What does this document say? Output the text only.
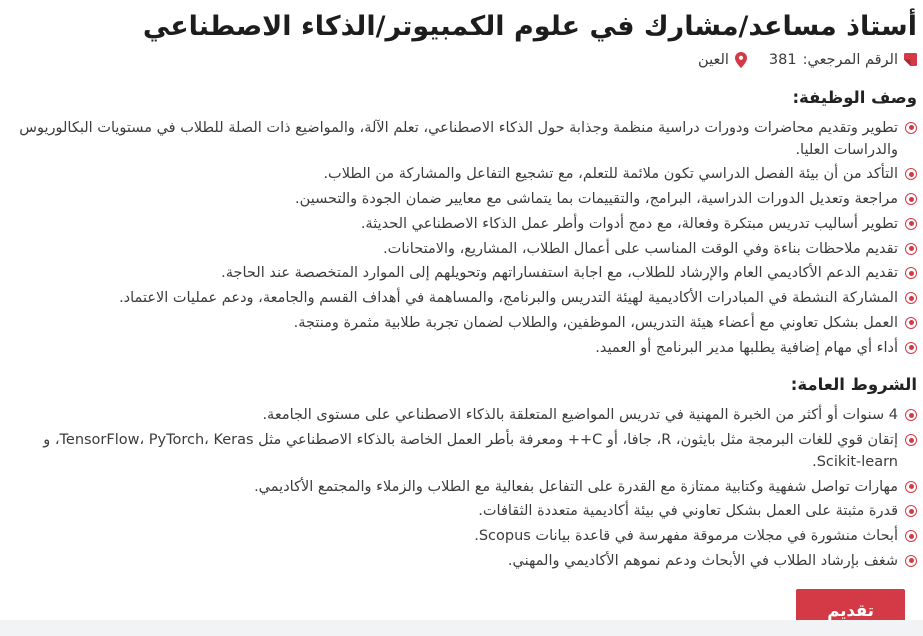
أستاذ مساعد/مشارك في علوم الكمبيوتر/الذكاء الاصطناعي
الرقم المرجعي:
381
العين
وصف الوظيفة:
تطوير وتقديم محاضرات ودورات دراسية منظمة وجذابة حول الذكاء الاصطناعي، تعلم الآلة، والمواضيع ذات الصلة للطلاب في مستويات البكالوريوس والدراسات العليا.
التأكد من أن بيئة الفصل الدراسي تكون ملائمة للتعلم، مع تشجيع التفاعل والمشاركة من الطلاب.
مراجعة وتعديل الدورات الدراسية، البرامج، والتقييمات بما يتماشى مع معايير ضمان الجودة والتحسين.
تطوير أساليب تدريس مبتكرة وفعالة، مع دمج أدوات وأطر عمل الذكاء الاصطناعي الحديثة.
تقديم ملاحظات بناءة وفي الوقت المناسب على أعمال الطلاب، المشاريع، والامتحانات.
تقديم الدعم الأكاديمي العام والإرشاد للطلاب، مع اجابة استفساراتهم وتحويلهم إلى الموارد المتخصصة عند الحاجة.
المشاركة النشطة في المبادرات الأكاديمية لهيئة التدريس والبرنامج، والمساهمة في أهداف القسم والجامعة، ودعم عمليات الاعتماد.
العمل بشكل تعاوني مع أعضاء هيئة التدريس، الموظفين، والطلاب لضمان تجربة طلابية مثمرة ومنتجة.
أداء أي مهام إضافية يطلبها مدير البرنامج أو العميد.
الشروط العامة:
4 سنوات أو أكثر من الخبرة المهنية في تدريس المواضيع المتعلقة بالذكاء الاصطناعي على مستوى الجامعة.
إتقان قوي للغات البرمجة مثل بايثون، R، جافا، أو C++ ومعرفة بأطر العمل الخاصة بالذكاء الاصطناعي مثل TensorFlow، PyTorch، Keras، و Scikit-learn.
مهارات تواصل شفهية وكتابية ممتازة مع القدرة على التفاعل بفعالية مع الطلاب والزملاء والمجتمع الأكاديمي.
قدرة مثبتة على العمل بشكل تعاوني في بيئة أكاديمية متعددة الثقافات.
أبحاث منشورة في مجلات مرموقة مفهرسة في قاعدة بيانات Scopus.
شغف بإرشاد الطلاب في الأبحاث ودعم نموهم الأكاديمي والمهني.
تقديم
